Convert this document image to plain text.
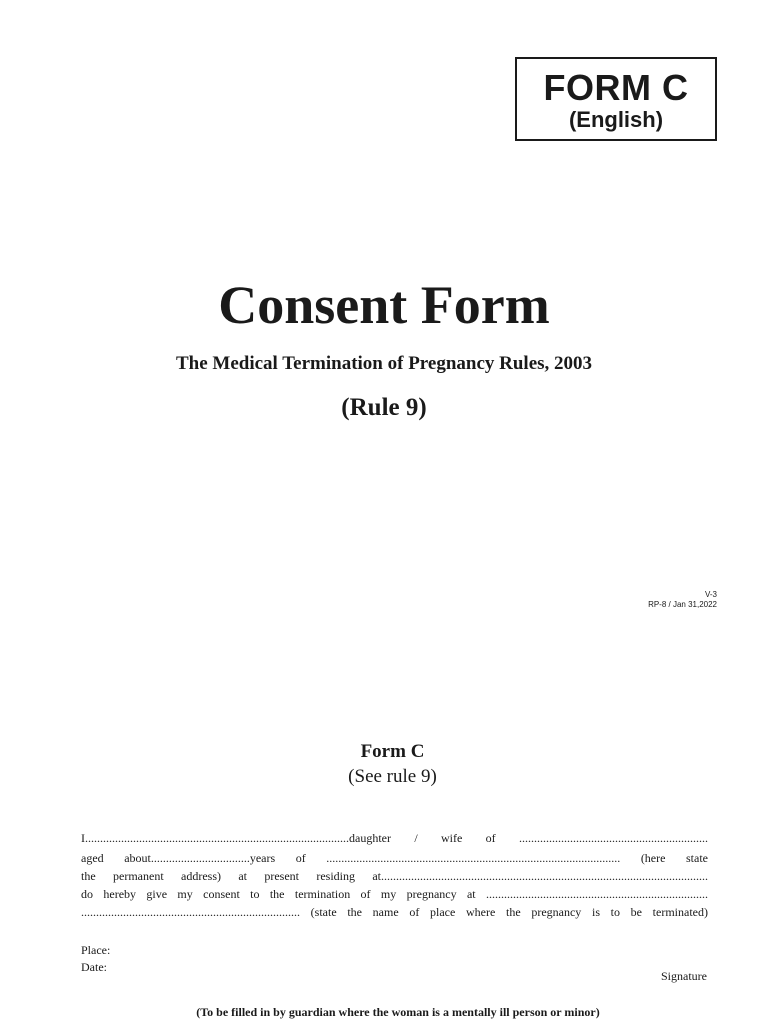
FORM C
(English)
Consent Form
The Medical Termination of Pregnancy Rules, 2003
(Rule 9)
V-3
RP-8 / Jan 31,2022
Form C
(See rule 9)
I........................................................................................daughter / wife of ...............................................................
aged about.................................years of .................................................................................................. (here state
the permanent address) at present residing at.............................................................................................................
do hereby give my consent to the termination of my pregnancy at ..........................................................................
......................................................................... (state the name of place where the pregnancy is to be terminated)
Place:
Date:
Signature
(To be filled in by guardian where the woman is a mentally ill person or minor)
